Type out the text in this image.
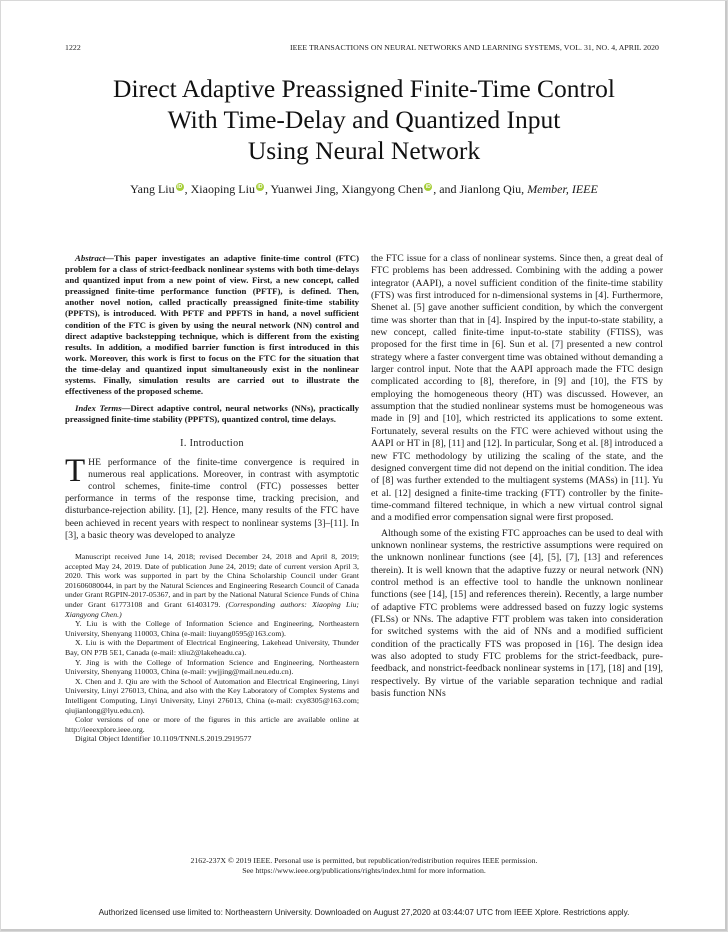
1222	IEEE TRANSACTIONS ON NEURAL NETWORKS AND LEARNING SYSTEMS, VOL. 31, NO. 4, APRIL 2020
Direct Adaptive Preassigned Finite-Time Control
With Time-Delay and Quantized Input
Using Neural Network
Yang Liu iD , Xiaoping Liu iD , Yuanwei Jing, Xiangyong Chen iD , and Jianlong Qiu, Member, IEEE

Abstract—This paper investigates an adaptive finite-time control (FTC) problem for a class of strict-feedback nonlinear systems with both time-delays and quantized input from a new point of view. First, a new concept, called preassigned finite-time performance function (PFTF), is defined. Then, another novel notion, called practically preassigned finite-time stability (PPFTS), is introduced. With PFTF and PPFTS in hand, a novel sufficient condition of the FTC is given by using the neural network (NN) control and direct adaptive backstepping technique, which is different from the existing results. In addition, a modified barrier function is first introduced in this work. Moreover, this work is first to focus on the FTC for the situation that the time-delay and quantized input simultaneously exist in the nonlinear systems. Finally, simulation results are carried out to illustrate the effectiveness of the proposed scheme.

Index Terms—Direct adaptive control, neural networks (NNs), practically preassigned finite-time stability (PPFTS), quantized control, time delays.

I. Introduction

THE performance of the finite-time convergence is required in numerous real applications. Moreover, in contrast with asymptotic control schemes, finite-time control (FTC) possesses better performance in terms of the response time, tracking precision, and disturbance-rejection ability. [1], [2]. Hence, many results of the FTC have been achieved in recent years with respect to nonlinear systems [3]–[11]. In [3], a basic theory was developed to analyze

Manuscript received June 14, 2018; revised December 24, 2018 and April 8, 2019; accepted May 24, 2019. Date of publication June 24, 2019; date of current version April 3, 2020. This work was supported in part by the China Scholarship Council under Grant 201606080044, in part by the Natural Sciences and Engineering Research Council of Canada under Grant RGPIN-2017-05367, and in part by the National Natural Science Funds of China under Grant 61773108 and Grant 61403179. (Corresponding authors: Xiaoping Liu; Xiangyong Chen.)

Y. Liu is with the College of Information Science and Engineering, Northeastern University, Shenyang 110003, China (e-mail: liuyang0595@163.com).

X. Liu is with the Department of Electrical Engineering, Lakehead University, Thunder Bay, ON P7B 5E1, Canada (e-mail: xliu2@lakeheadu.ca).

Y. Jing is with the College of Information Science and Engineering, Northeastern University, Shenyang 110003, China (e-mail: ywjjing@mail.neu.edu.cn).

X. Chen and J. Qiu are with the School of Automation and Electrical Engineering, Linyi University, Linyi 276013, China, and also with the Key Laboratory of Complex Systems and Intelligent Computing, Linyi University, Linyi 276013, China (e-mail: cxy8305@163.com; qiujianlong@lyu.edu.cn).

Color versions of one or more of the figures in this article are available online at http://ieeexplore.ieee.org.

Digital Object Identifier 10.1109/TNNLS.2019.2919577

the FTC issue for a class of nonlinear systems. Since then, a great deal of FTC problems has been addressed. Combining with the adding a power integrator (AAPI), a novel sufficient condition of the finite-time stability (FTS) was first introduced for n-dimensional systems in [4]. Furthermore, Shenet al. [5] gave another sufficient condition, by which the convergent time was shorter than that in [4]. Inspired by the input-to-state stability, a new concept, called finite-time input-to-state stability (FTISS), was proposed for the first time in [6]. Sun et al. [7] presented a new control strategy where a faster convergent time was obtained without demanding a larger control input. Note that the AAPI approach made the FTC design complicated according to [8], therefore, in [9] and [10], the FTS by employing the homogeneous theory (HT) was discussed. However, an assumption that the studied nonlinear systems must be homogeneous was made in [9] and [10], which restricted its applications to some extent. Fortunately, several results on the FTC were achieved without using the AAPI or HT in [8], [11] and [12]. In particular, Song et al. [8] introduced a new FTC methodology by utilizing the scaling of the state, and the designed convergent time did not depend on the initial condition. The idea of [8] was further extended to the multiagent systems (MASs) in [11]. Yu et al. [12] designed a finite-time tracking (FTT) controller by the finite-time-command filtered technique, in which a new virtual control signal and a modified error compensation signal were first proposed.

Although some of the existing FTC approaches can be used to deal with unknown nonlinear systems, the restrictive assumptions were required on the unknown nonlinear functions (see [4], [5], [7], [13] and references therein). It is well known that the adaptive fuzzy or neural network (NN) control method is an effective tool to handle the unknown nonlinear functions (see [14], [15] and references therein). Recently, a large number of adaptive FTC problems were addressed based on fuzzy logic systems (FLSs) or NNs. The adaptive FTT problem was taken into consideration for switched systems with the aid of NNs and a modified sufficient condition of the practically FTS was proposed in [16]. The design idea was also adopted to study FTC problems for the strict-feedback, pure-feedback, and nonstrict-feedback nonlinear systems in [17], [18] and [19], respectively. By virtue of the variable separation technique and radial basis function NNs

2162-237X © 2019 IEEE. Personal use is permitted, but republication/redistribution requires IEEE permission.
See https://www.ieee.org/publications/rights/index.html for more information.
Authorized licensed use limited to: Northeastern University. Downloaded on August 27,2020 at 03:44:07 UTC from IEEE Xplore. Restrictions apply.
